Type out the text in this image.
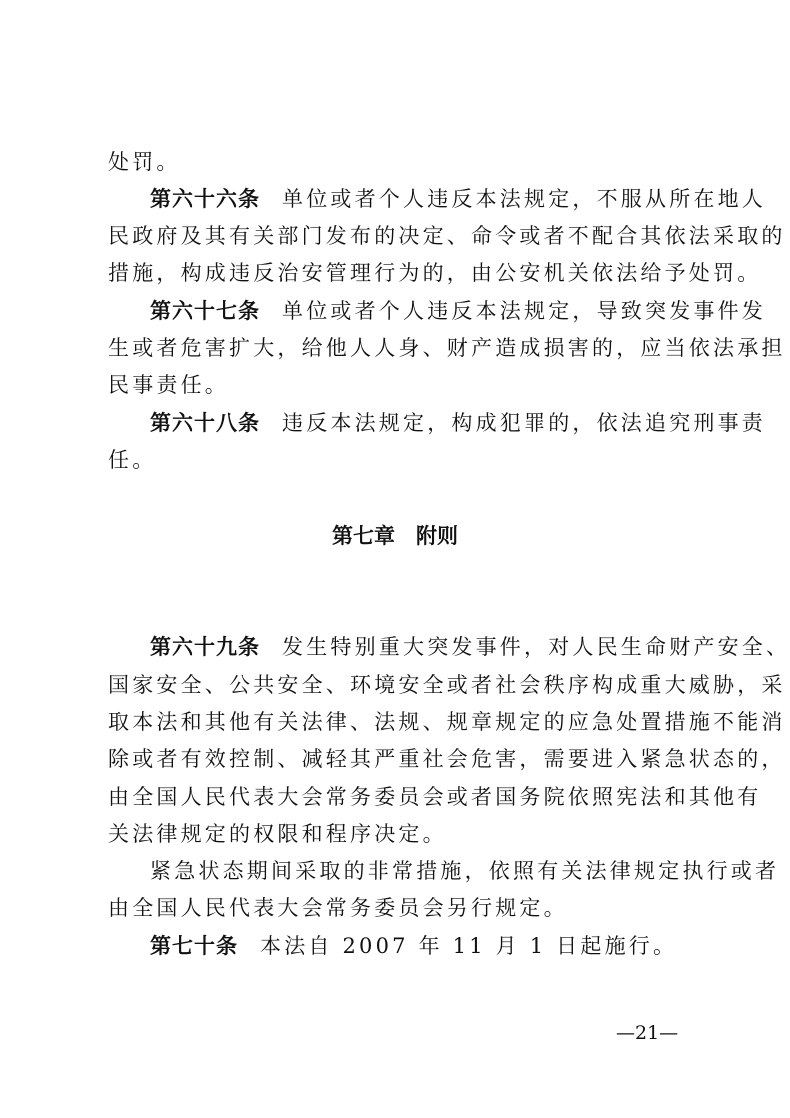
处罚。
第六十六条 单位或者个人违反本法规定，不服从所在地人
民政府及其有关部门发布的决定、命令或者不配合其依法采取的
措施，构成违反治安管理行为的，由公安机关依法给予处罚。
第六十七条 单位或者个人违反本法规定，导致突发事件发
生或者危害扩大，给他人人身、财产造成损害的，应当依法承担
民事责任。
第六十八条 违反本法规定，构成犯罪的，依法追究刑事责
任。
第七章　附则
第六十九条 发生特别重大突发事件，对人民生命财产安全、
国家安全、公共安全、环境安全或者社会秩序构成重大威胁，采
取本法和其他有关法律、法规、规章规定的应急处置措施不能消
除或者有效控制、减轻其严重社会危害，需要进入紧急状态的，
由全国人民代表大会常务委员会或者国务院依照宪法和其他有
关法律规定的权限和程序决定。
紧急状态期间采取的非常措施，依照有关法律规定执行或者
由全国人民代表大会常务委员会另行规定。
第七十条 本法自 2007 年 11 月 1 日起施行。
—21—
